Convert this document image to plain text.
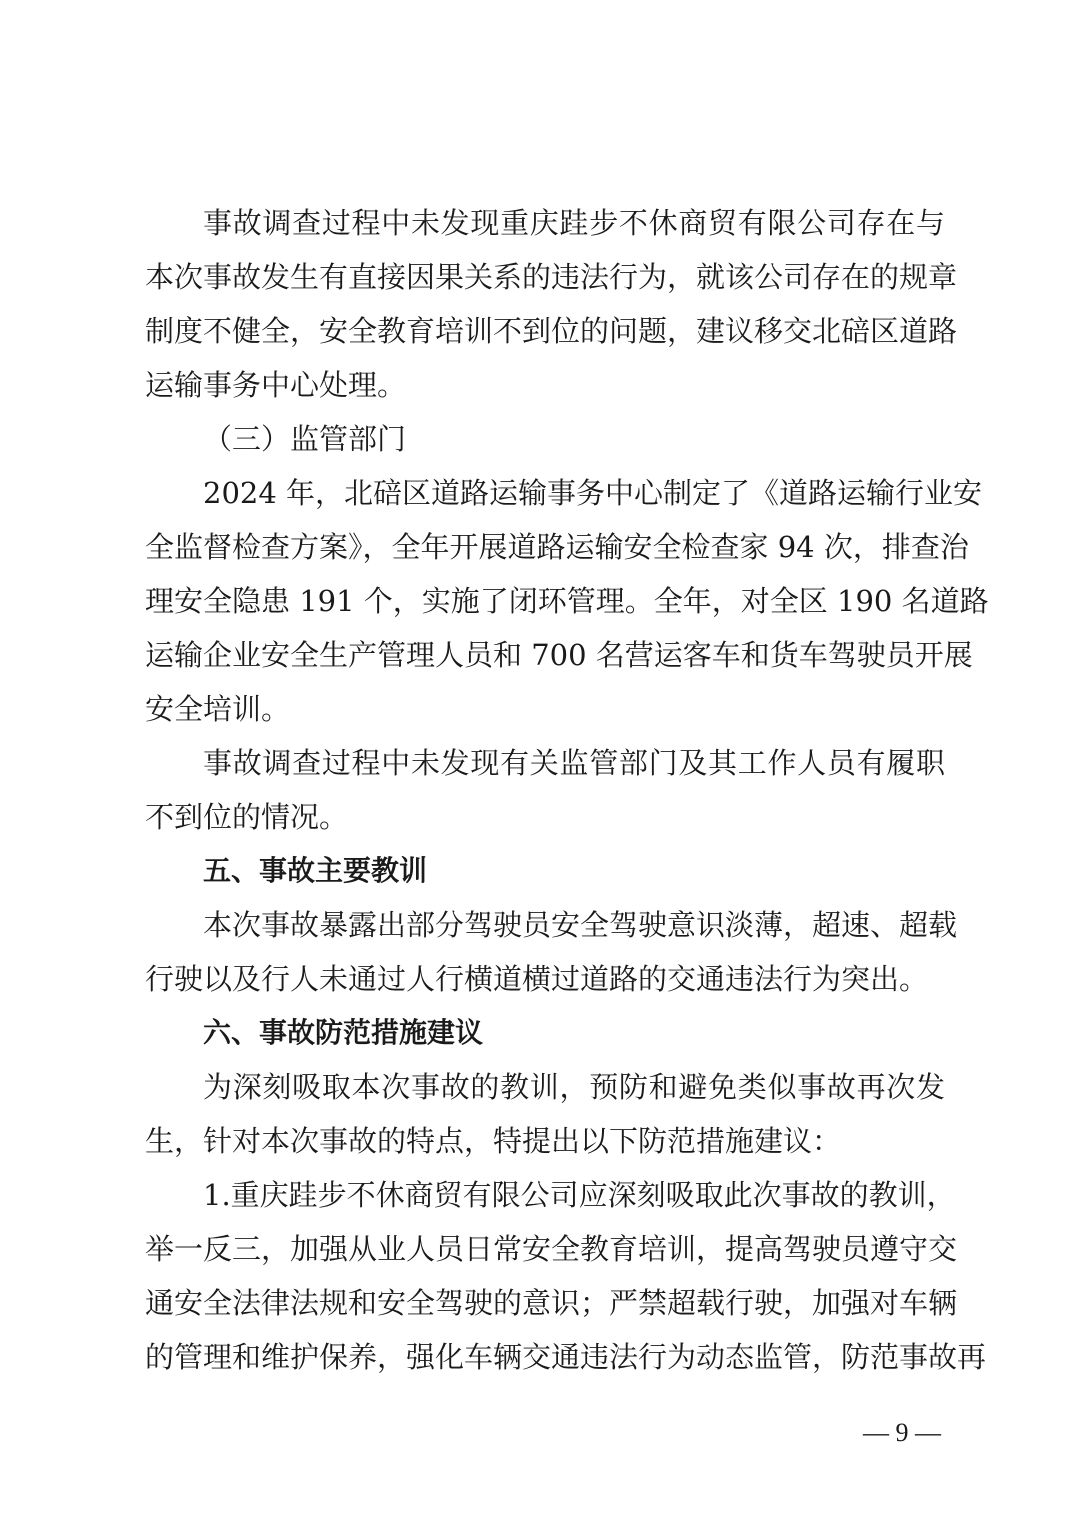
事故调查过程中未发现重庆跬步不休商贸有限公司存在与
本次事故发生有直接因果关系的违法行为，就该公司存在的规章
制度不健全，安全教育培训不到位的问题，建议移交北碚区道路
运输事务中心处理。
（三）监管部门
2024 年，北碚区道路运输事务中心制定了《道路运输行业安
全监督检查方案》，全年开展道路运输安全检查家 94 次，排查治
理安全隐患 191 个，实施了闭环管理。全年，对全区 190 名道路
运输企业安全生产管理人员和 700 名营运客车和货车驾驶员开展
安全培训。
事故调查过程中未发现有关监管部门及其工作人员有履职
不到位的情况。
五、事故主要教训
本次事故暴露出部分驾驶员安全驾驶意识淡薄，超速、超载
行驶以及行人未通过人行横道横过道路的交通违法行为突出。
六、事故防范措施建议
为深刻吸取本次事故的教训，预防和避免类似事故再次发
生，针对本次事故的特点，特提出以下防范措施建议：
1.重庆跬步不休商贸有限公司应深刻吸取此次事故的教训，
举一反三，加强从业人员日常安全教育培训，提高驾驶员遵守交
通安全法律法规和安全驾驶的意识；严禁超载行驶，加强对车辆
的管理和维护保养，强化车辆交通违法行为动态监管，防范事故再
— 9 —
